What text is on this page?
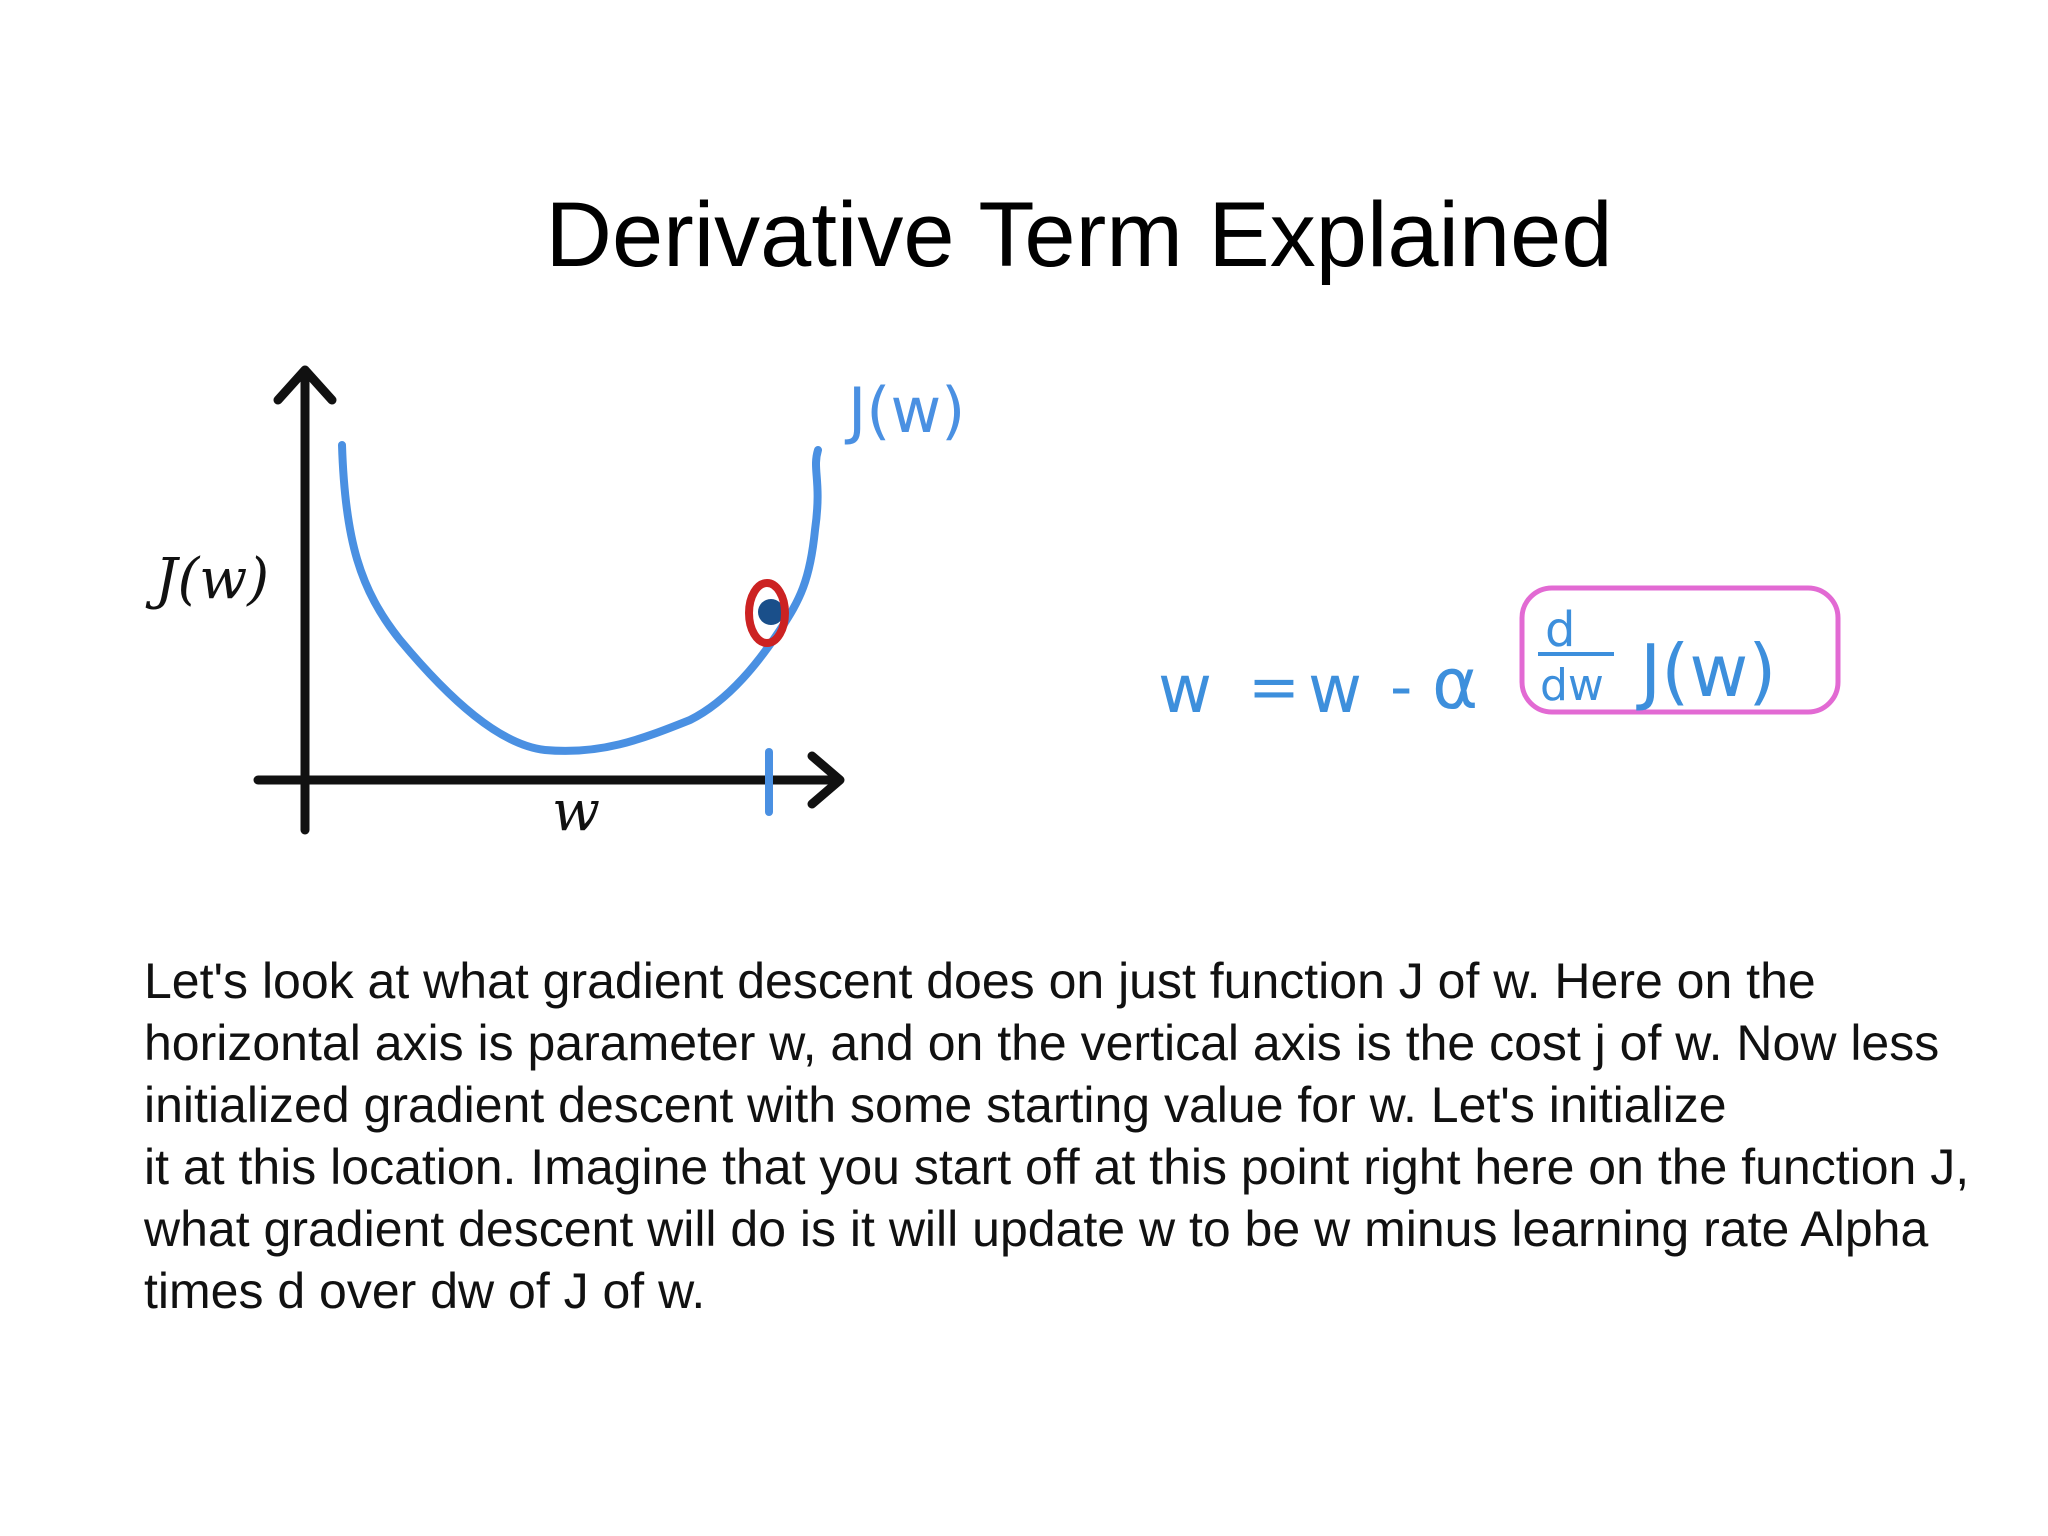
Derivative Term Explained
J(w)
w
J(w)
w = w - α
d
dw J(w)
Let's look at what gradient descent does on just function J of w. Here on the
horizontal axis is parameter w, and on the vertical axis is the cost j of w. Now less
initialized gradient descent with some starting value for w. Let's initialize
it at this location. Imagine that you start off at this point right here on the function J,
what gradient descent will do is it will update w to be w minus learning rate Alpha
times d over dw of J of w.
